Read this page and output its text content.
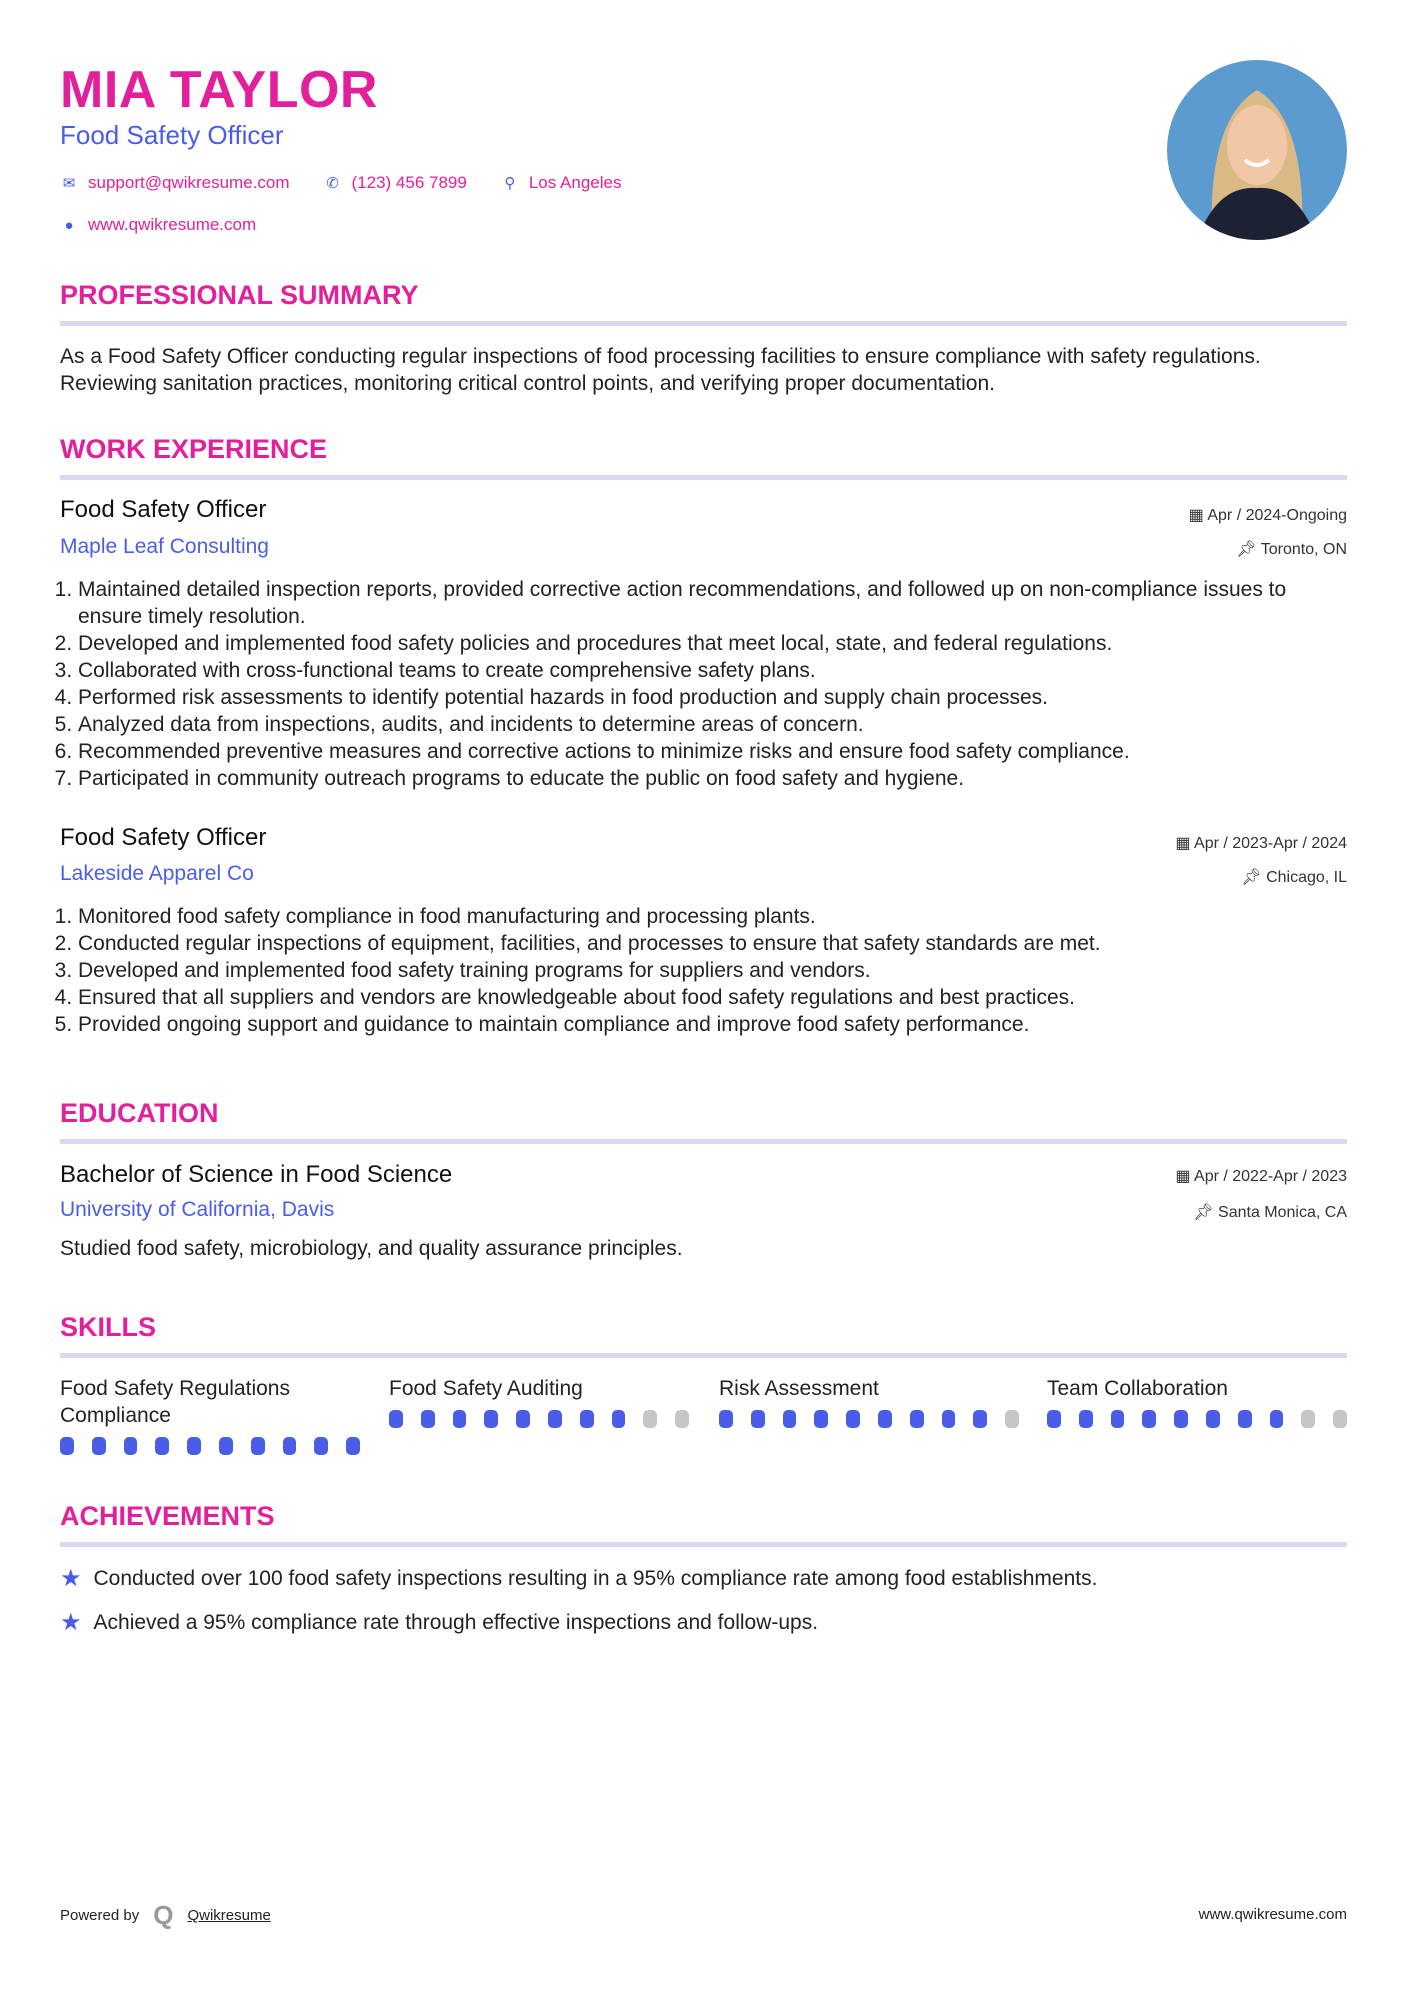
MIA TAYLOR
Food Safety Officer
✉ support@qwikresume.com ✆ (123) 456 7899	⚲ Los Angeles
● www.qwikresume.com
PROFESSIONAL SUMMARY
As a Food Safety Officer conducting regular inspections of food processing facilities to ensure compliance with safety regulations. Reviewing sanitation practices, monitoring critical control points, and verifying proper documentation.
WORK EXPERIENCE
Food Safety Officer	▦ Apr / 2024-Ongoing
Maple Leaf Consulting	📌︎ Toronto, ON
1. Maintained detailed inspection reports, provided corrective action recommendations, and followed up on non-compliance issues to ensure timely resolution.
2. Developed and implemented food safety policies and procedures that meet local, state, and federal regulations.
3. Collaborated with cross-functional teams to create comprehensive safety plans.
4. Performed risk assessments to identify potential hazards in food production and supply chain processes.
5. Analyzed data from inspections, audits, and incidents to determine areas of concern.
6. Recommended preventive measures and corrective actions to minimize risks and ensure food safety compliance.
7. Participated in community outreach programs to educate the public on food safety and hygiene.
Food Safety Officer	▦ Apr / 2023-Apr / 2024
Lakeside Apparel Co	📌︎ Chicago, IL
1. Monitored food safety compliance in food manufacturing and processing plants.
2. Conducted regular inspections of equipment, facilities, and processes to ensure that safety standards are met.
3. Developed and implemented food safety training programs for suppliers and vendors.
4. Ensured that all suppliers and vendors are knowledgeable about food safety regulations and best practices.
5. Provided ongoing support and guidance to maintain compliance and improve food safety performance.
EDUCATION
Bachelor of Science in Food Science	▦ Apr / 2022-Apr / 2023
University of California, Davis	📌︎ Santa Monica, CA
Studied food safety, microbiology, and quality assurance principles.
SKILLS
Food Safety Regulations Compliance
Food Safety Auditing	Risk Assessment	Team Collaboration
ACHIEVEMENTS
★ Conducted over 100 food safety inspections resulting in a 95% compliance rate among food establishments.
★ Achieved a 95% compliance rate through effective inspections and follow-ups.
Powered by Q Qwikresume	www.qwikresume.com
